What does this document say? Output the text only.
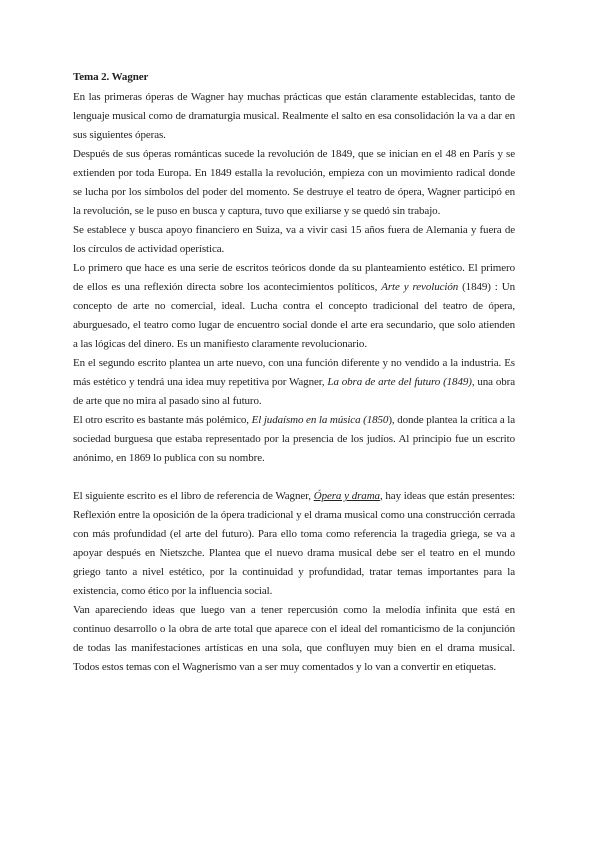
Tema 2. Wagner

En las primeras óperas de Wagner hay muchas prácticas que están claramente establecidas, tanto de lenguaje musical como de dramaturgia musical. Realmente el salto en esa consolidación la va a dar en sus siguientes óperas.

Después de sus óperas románticas sucede la revolución de 1849, que se inician en el 48 en París y se extienden por toda Europa. En 1849 estalla la revolución, empieza con un movimiento radical donde se lucha por los símbolos del poder del momento. Se destruye el teatro de ópera, Wagner participó en la revolución, se le puso en busca y captura, tuvo que exiliarse y se quedó sin trabajo.

Se establece y busca apoyo financiero en Suiza, va a vivir casi 15 años fuera de Alemania y fuera de los círculos de actividad operística.

Lo primero que hace es una serie de escritos teóricos donde da su planteamiento estético. El primero de ellos es una reflexión directa sobre los acontecimientos políticos, Arte y revolución (1849) : Un concepto de arte no comercial, ideal. Lucha contra el concepto tradicional del teatro de ópera, aburguesado, el teatro como lugar de encuentro social donde el arte era secundario, que solo atienden a las lógicas del dinero. Es un manifiesto claramente revolucionario.

En el segundo escrito plantea un arte nuevo, con una función diferente y no vendido a la industria. Es más estético y tendrá una idea muy repetitiva por Wagner, La obra de arte del futuro (1849), una obra de arte que no mira al pasado sino al futuro.

El otro escrito es bastante más polémico, El judaísmo en la música (1850), donde plantea la crítica a la sociedad burguesa que estaba representado por la presencia de los judíos. Al principio fue un escrito anónimo, en 1869 lo publica con su nombre.

El siguiente escrito es el libro de referencia de Wagner, Ópera y drama, hay ideas que están presentes: Reflexión entre la oposición de la ópera tradicional y el drama musical como una construcción cerrada con más profundidad (el arte del futuro). Para ello toma como referencia la tragedia griega, se va a apoyar después en Nietszche. Plantea que el nuevo drama musical debe ser el teatro en el mundo griego tanto a nivel estético, por la continuidad y profundidad, tratar temas importantes para la existencia, como ético por la influencia social.

Van apareciendo ideas que luego van a tener repercusión como la melodía infinita que está en continuo desarrollo o la obra de arte total que aparece con el ideal del romanticismo de la conjunción de todas las manifestaciones artísticas en una sola, que confluyen muy bien en el drama musical. Todos estos temas con el Wagnerismo van a ser muy comentados y lo van a convertir en etiquetas.
